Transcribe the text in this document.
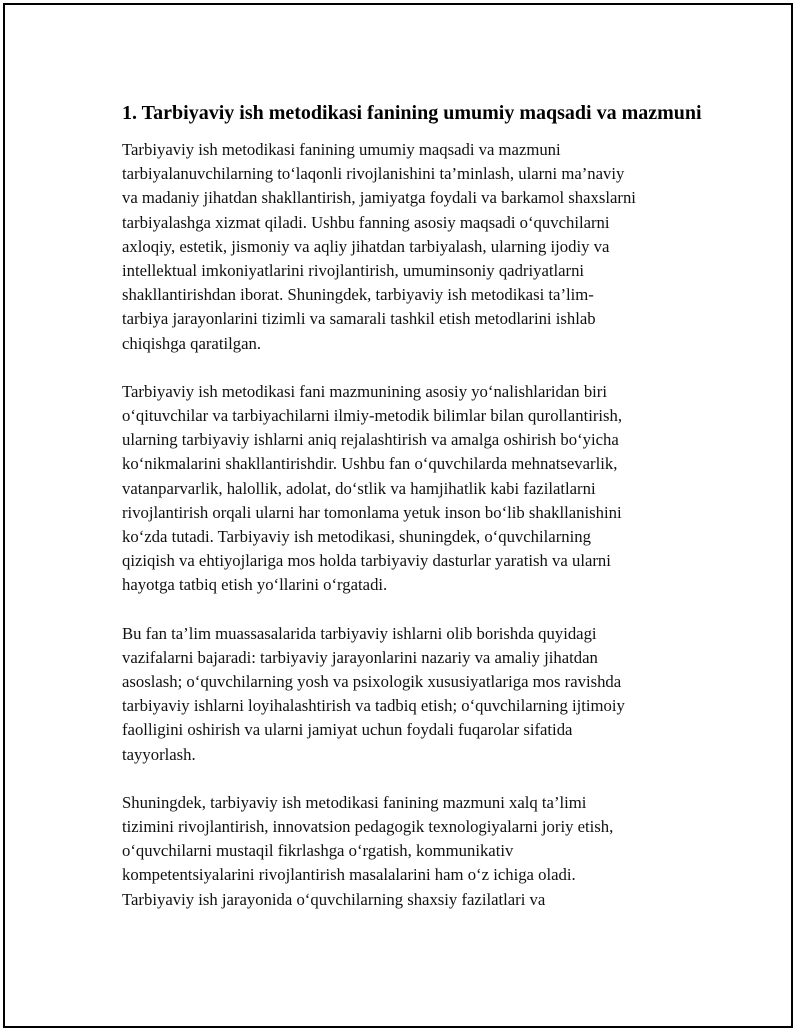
1. Tarbiyaviy ish metodikasi fanining umumiy maqsadi va mazmuni

Tarbiyaviy ish metodikasi fanining umumiy maqsadi va mazmuni
tarbiyalanuvchilarning to‘laqonli rivojlanishini ta’minlash, ularni ma’naviy
va madaniy jihatdan shakllantirish, jamiyatga foydali va barkamol shaxslarni
tarbiyalashga xizmat qiladi. Ushbu fanning asosiy maqsadi o‘quvchilarni
axloqiy, estetik, jismoniy va aqliy jihatdan tarbiyalash, ularning ijodiy va
intellektual imkoniyatlarini rivojlantirish, umuminsoniy qadriyatlarni
shakllantirishdan iborat. Shuningdek, tarbiyaviy ish metodikasi ta’lim-
tarbiya jarayonlarini tizimli va samarali tashkil etish metodlarini ishlab
chiqishga qaratilgan.

Tarbiyaviy ish metodikasi fani mazmunining asosiy yo‘nalishlaridan biri
o‘qituvchilar va tarbiyachilarni ilmiy-metodik bilimlar bilan qurollantirish,
ularning tarbiyaviy ishlarni aniq rejalashtirish va amalga oshirish bo‘yicha
ko‘nikmalarini shakllantirishdir. Ushbu fan o‘quvchilarda mehnatsevarlik,
vatanparvarlik, halollik, adolat, do‘stlik va hamjihatlik kabi fazilatlarni
rivojlantirish orqali ularni har tomonlama yetuk inson bo‘lib shakllanishini
ko‘zda tutadi. Tarbiyaviy ish metodikasi, shuningdek, o‘quvchilarning
qiziqish va ehtiyojlariga mos holda tarbiyaviy dasturlar yaratish va ularni
hayotga tatbiq etish yo‘llarini o‘rgatadi.

Bu fan ta’lim muassasalarida tarbiyaviy ishlarni olib borishda quyidagi
vazifalarni bajaradi: tarbiyaviy jarayonlarini nazariy va amaliy jihatdan
asoslash; o‘quvchilarning yosh va psixologik xususiyatlariga mos ravishda
tarbiyaviy ishlarni loyihalashtirish va tadbiq etish; o‘quvchilarning ijtimoiy
faolligini oshirish va ularni jamiyat uchun foydali fuqarolar sifatida
tayyorlash.

Shuningdek, tarbiyaviy ish metodikasi fanining mazmuni xalq ta’limi
tizimini rivojlantirish, innovatsion pedagogik texnologiyalarni joriy etish,
o‘quvchilarni mustaqil fikrlashga o‘rgatish, kommunikativ
kompetentsiyalarini rivojlantirish masalalarini ham o‘z ichiga oladi.
Tarbiyaviy ish jarayonida o‘quvchilarning shaxsiy fazilatlari va
